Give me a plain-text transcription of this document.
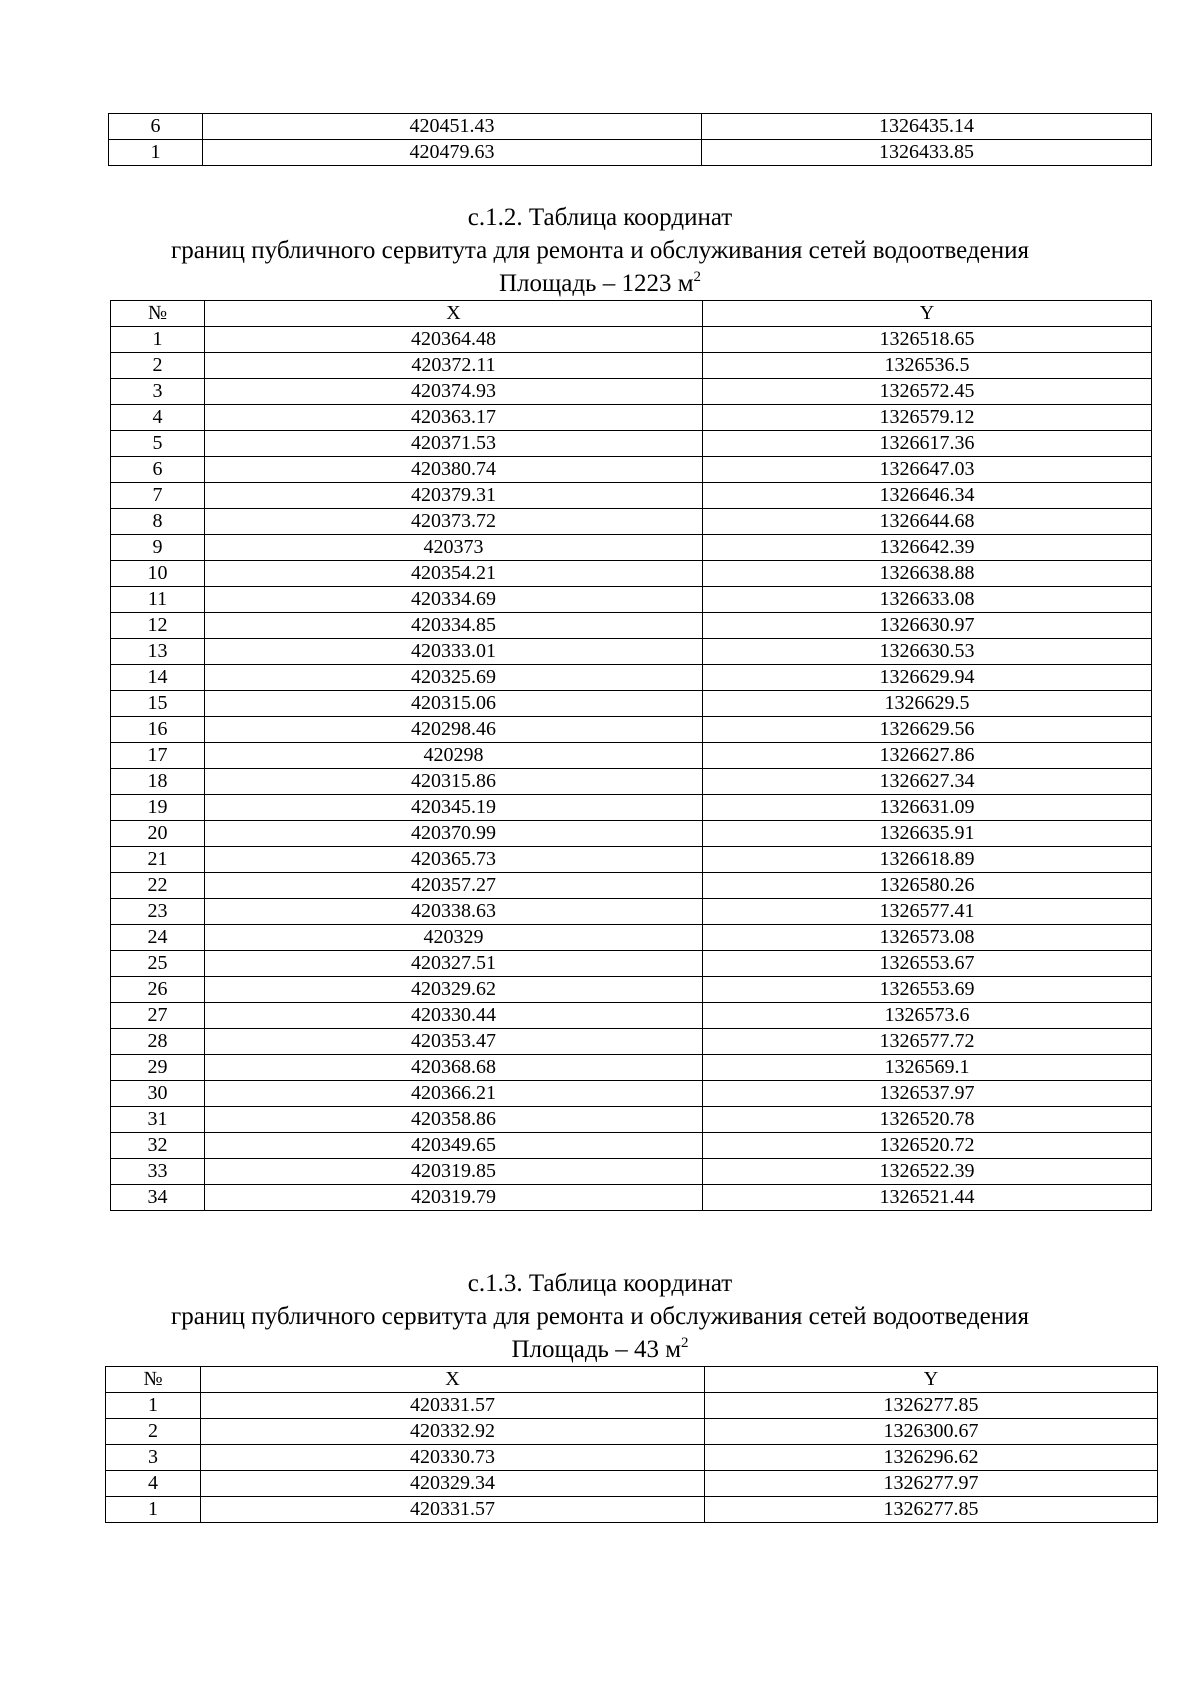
6	420451.43	1326435.14
1	420479.63	1326433.85
с.1.2. Таблица координат
границ публичного сервитута для ремонта и обслуживания сетей водоотведения
Площадь – 1223 $м^2$
№	X	Y
1	420364.48	1326518.65
2	420372.11	1326536.5
3	420374.93	1326572.45
4	420363.17	1326579.12
5	420371.53	1326617.36
6	420380.74	1326647.03
7	420379.31	1326646.34
8	420373.72	1326644.68
9	420373	1326642.39
10	420354.21	1326638.88
11	420334.69	1326633.08
12	420334.85	1326630.97
13	420333.01	1326630.53
14	420325.69	1326629.94
15	420315.06	1326629.5
16	420298.46	1326629.56
17	420298	1326627.86
18	420315.86	1326627.34
19	420345.19	1326631.09
20	420370.99	1326635.91
21	420365.73	1326618.89
22	420357.27	1326580.26
23	420338.63	1326577.41
24	420329	1326573.08
25	420327.51	1326553.67
26	420329.62	1326553.69
27	420330.44	1326573.6
28	420353.47	1326577.72
29	420368.68	1326569.1
30	420366.21	1326537.97
31	420358.86	1326520.78
32	420349.65	1326520.72
33	420319.85	1326522.39
34	420319.79	1326521.44
с.1.3. Таблица координат
границ публичного сервитута для ремонта и обслуживания сетей водоотведения
Площадь – 43 $м^2$
№	X	Y
1	420331.57	1326277.85
2	420332.92	1326300.67
3	420330.73	1326296.62
4	420329.34	1326277.97
1	420331.57	1326277.85
